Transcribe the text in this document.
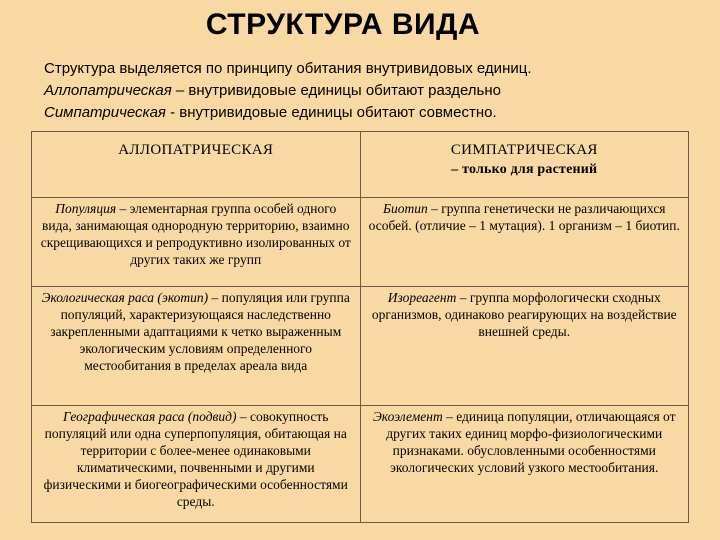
СТРУКТУРА ВИДА
Структура выделяется по принципу обитания внутривидовых единиц.
Аллопатрическая – внутривидовые единицы обитают раздельно
Симпатрическая - внутривидовые единицы обитают совместно.
АЛЛОПАТРИЧЕСКАЯ	СИМПАТРИЧЕСКАЯ
– только для растений

Популяция – элементарная группа особей одного вида, занимающая однородную территорию, взаимно скрещивающихся и репродуктивно изолированных от других таких же групп	Биотип – группа генетически не различающихся особей. (отличие – 1 мутация). 1 организм – 1 биотип.
Экологическая раса (экотип) – популяция или группа популяций, характеризующаяся наследственно закрепленными адаптациями к четко выраженным экологическим условиям определенного местообитания в пределах ареала вида	Изореагент – группа морфологически сходных организмов, одинаково реагирующих на воздействие внешней среды.
Географическая раса (подвид) – совокупность популяций или одна суперпопуляция, обитающая на территории с более-менее одинаковыми климатическими, почвенными и другими физическими и биогеографическими особенностями среды.	Экоэлемент – единица популяции, отличающаяся от других таких единиц морфо-физиологическими признаками. обусловленными особенностями экологических условий узкого местообитания.
